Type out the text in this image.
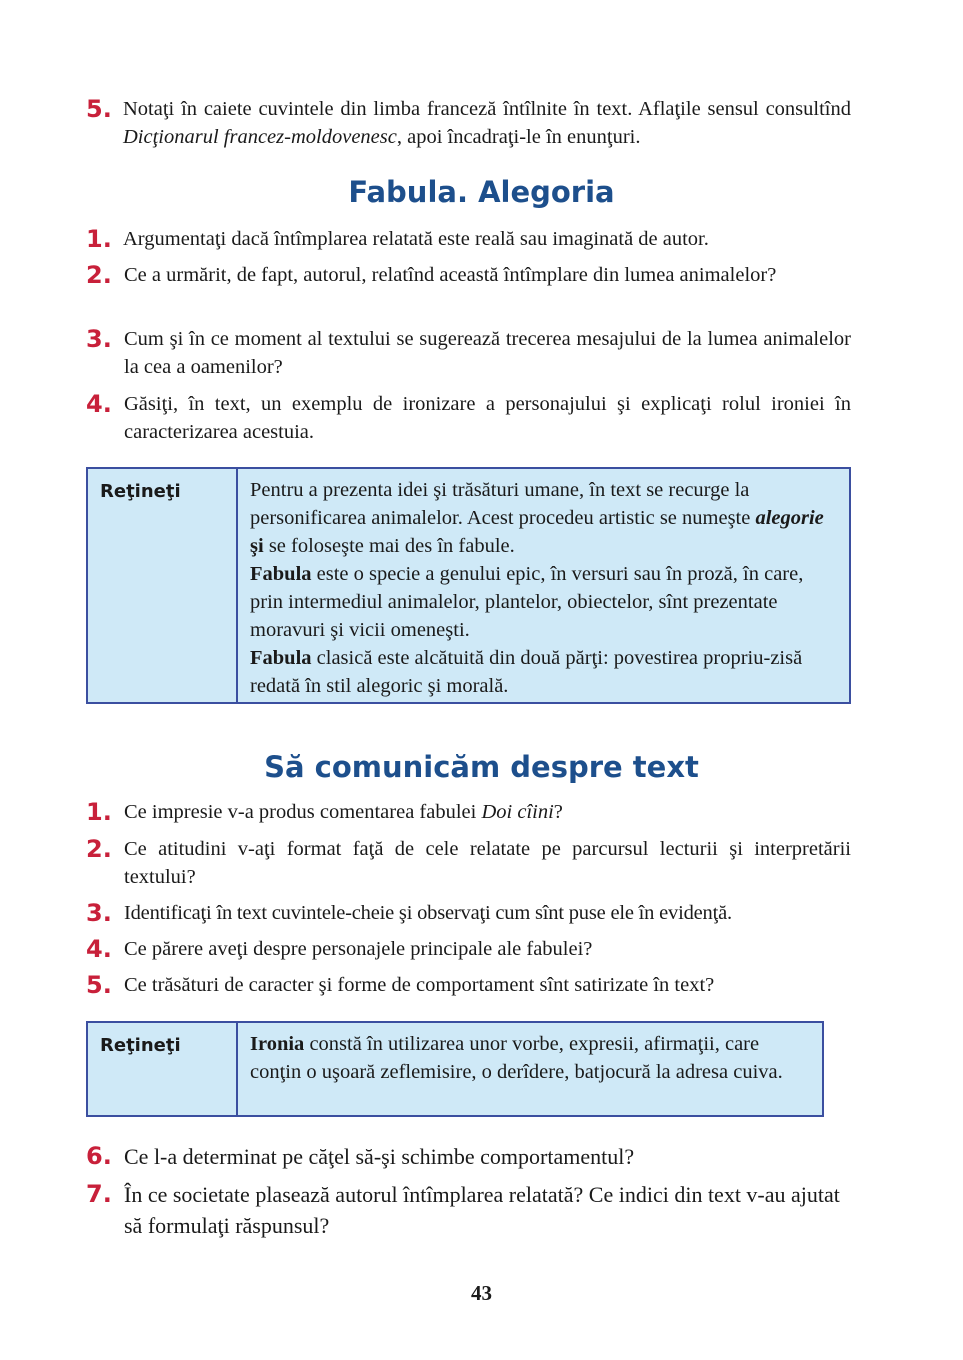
5. Notaţi în caiete cuvintele din limba franceză întîlnite în text. Aflaţile sensul consultînd Dicţionarul francez-moldovenesc, apoi încadraţi-le în enunţuri.
Fabula. Alegoria
1. Argumentaţi dacă întîmplarea relatată este reală sau imaginată de autor.
2. Ce a urmărit, de fapt, autorul, relatînd această întîmplare din lumea animalelor?
3. Cum şi în ce moment al textului se sugerează trecerea mesajului de la lumea animalelor la cea a oamenilor?
4. Găsiţi, în text, un exemplu de ironizare a personajului şi explicaţi rolul ironiei în caracterizarea acestuia.
Reţineţi	Pentru a prezenta idei şi trăsături umane, în text se recurge la personificarea animalelor. Acest procedeu artistic se numeşte alegorie şi se foloseşte mai des în fabule.

Fabula este o specie a genului epic, în versuri sau în proză, în care, prin intermediul animalelor, plantelor, obiectelor, sînt prezentate moravuri şi vicii omeneşti.

Fabula clasică este alcătuită din două părţi: povestirea propriu-zisă redată în stil alegoric şi morală.

Să comunicăm despre text
1. Ce impresie v-a produs comentarea fabulei Doi cîini?
2. Ce atitudini v-aţi format faţă de cele relatate pe parcursul lecturii şi interpretării textului?
3. Identificaţi în text cuvintele-cheie şi observaţi cum sînt puse ele în evidenţă.
4. Ce părere aveţi despre personajele principale ale fabulei?
5. Ce trăsături de caracter şi forme de comportament sînt satirizate în text?
Reţineţi	Ironia constă în utilizarea unor vorbe, expresii, afirmaţii, care conţin o uşoară zeflemisire, o derîdere, batjocură la adresa cuiva.

6. Ce l-a determinat pe căţel să-şi schimbe comportamentul?
7. În ce societate plasează autorul întîmplarea relatată? Ce indici din text v-au ajutat să formulaţi răspunsul?
43
